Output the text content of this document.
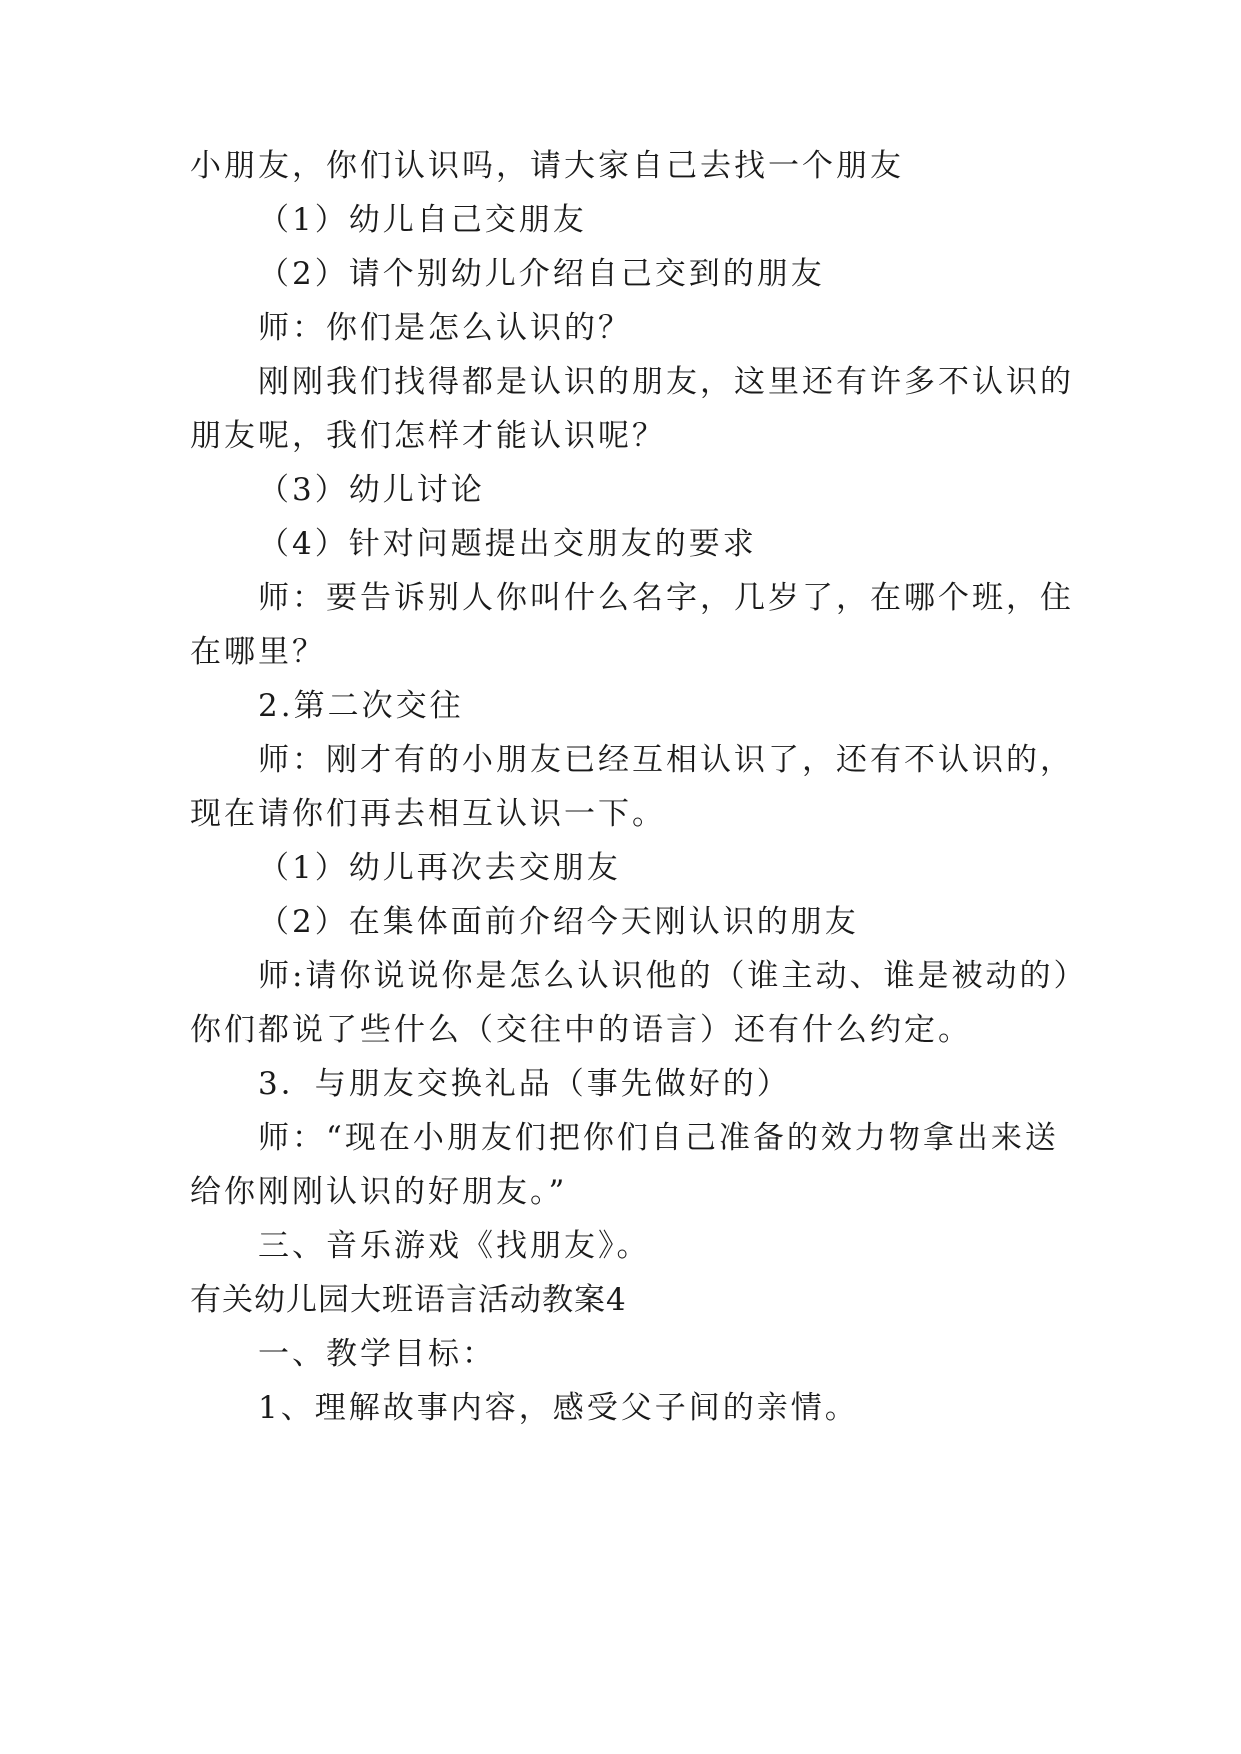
小朋友，你们认识吗，请大家自己去找一个朋友
（1）幼儿自己交朋友
（2）请个别幼儿介绍自己交到的朋友
师：你们是怎么认识的？
刚刚我们找得都是认识的朋友，这里还有许多不认识的
朋友呢，我们怎样才能认识呢？
（3）幼儿讨论
（4）针对问题提出交朋友的要求
师：要告诉别人你叫什么名字，几岁了，在哪个班，住
在哪里？
2.第二次交往
师：刚才有的小朋友已经互相认识了，还有不认识的，
现在请你们再去相互认识一下。
（1）幼儿再次去交朋友
（2）在集体面前介绍今天刚认识的朋友
师:请你说说你是怎么认识他的（谁主动、谁是被动的）
你们都说了些什么（交往中的语言）还有什么约定。
3．与朋友交换礼品（事先做好的）
师：“现在小朋友们把你们自己准备的效力物拿出来送
给你刚刚认识的好朋友。”
三、音乐游戏《找朋友》。
有关幼儿园大班语言活动教案4
一、教学目标：
1、理解故事内容，感受父子间的亲情。
